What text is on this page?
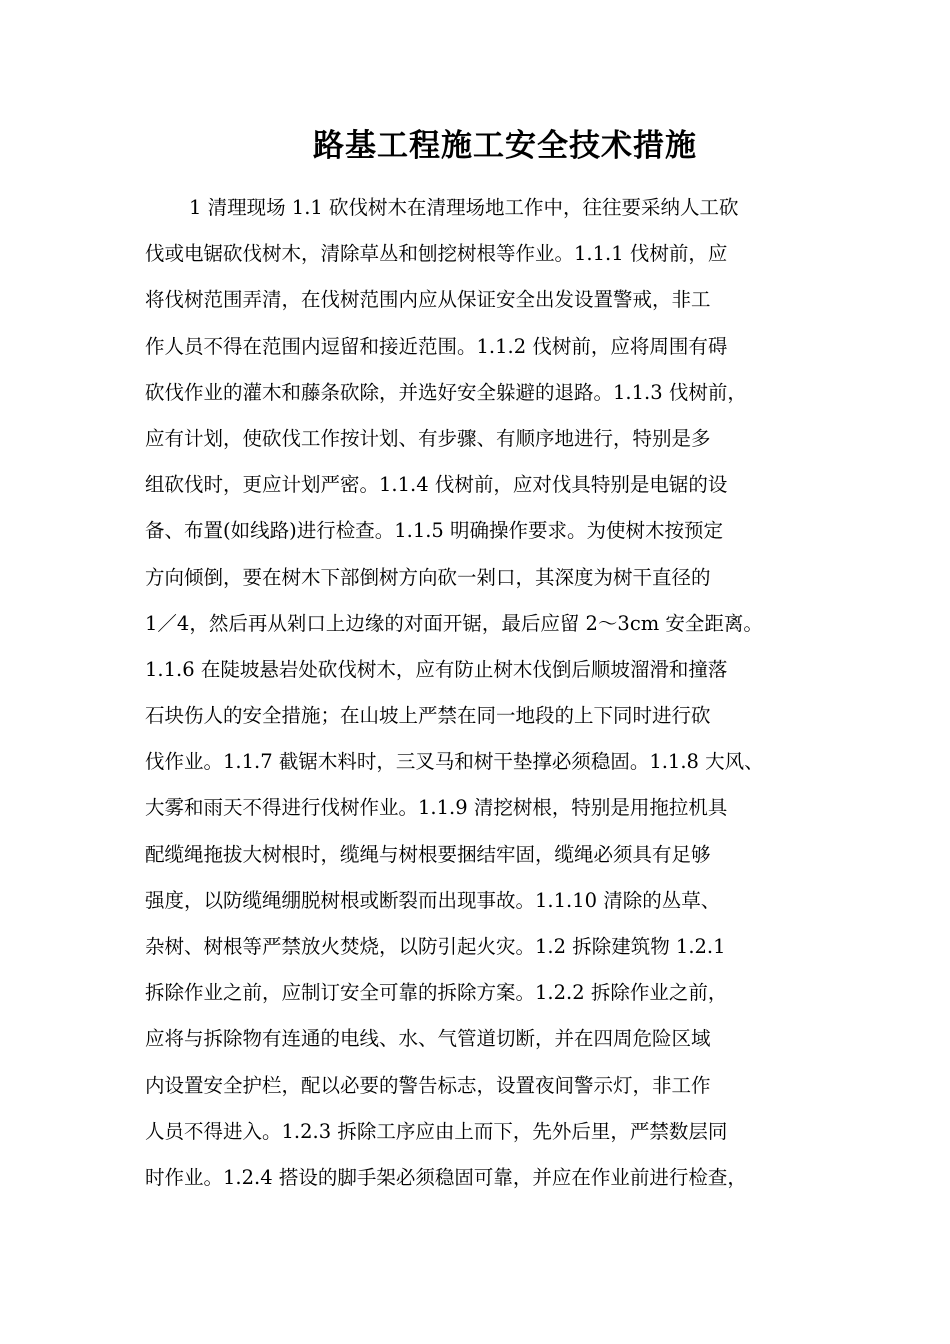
路基工程施工安全技术措施
1 清理现场 1.1 砍伐树木在清理场地工作中，往往要采纳人工砍
伐或电锯砍伐树木，清除草丛和刨挖树根等作业。1.1.1 伐树前，应
将伐树范围弄清，在伐树范围内应从保证安全出发设置警戒，非工
作人员不得在范围内逗留和接近范围。1.1.2 伐树前，应将周围有碍
砍伐作业的灌木和藤条砍除，并选好安全躲避的退路。1.1.3 伐树前，
应有计划，使砍伐工作按计划、有步骤、有顺序地进行，特别是多
组砍伐时，更应计划严密。1.1.4 伐树前，应对伐具特别是电锯的设
备、布置(如线路)进行检查。1.1.5 明确操作要求。为使树木按预定
方向倾倒，要在树木下部倒树方向砍一剁口，其深度为树干直径的
1／4，然后再从剁口上边缘的对面开锯，最后应留 2～3cm 安全距离。
1.1.6 在陡坡悬岩处砍伐树木，应有防止树木伐倒后顺坡溜滑和撞落
石块伤人的安全措施；在山坡上严禁在同一地段的上下同时进行砍
伐作业。1.1.7 截锯木料时，三叉马和树干垫撑必须稳固。1.1.8 大风、
大雾和雨天不得进行伐树作业。1.1.9 清挖树根，特别是用拖拉机具
配缆绳拖拔大树根时，缆绳与树根要捆结牢固，缆绳必须具有足够
强度，以防缆绳绷脱树根或断裂而出现事故。1.1.10 清除的丛草、
杂树、树根等严禁放火焚烧，以防引起火灾。1.2 拆除建筑物 1.2.1
拆除作业之前，应制订安全可靠的拆除方案。1.2.2 拆除作业之前，
应将与拆除物有连通的电线、水、气管道切断，并在四周危险区域
内设置安全护栏，配以必要的警告标志，设置夜间警示灯，非工作
人员不得进入。1.2.3 拆除工序应由上而下，先外后里，严禁数层同
时作业。1.2.4 搭设的脚手架必须稳固可靠，并应在作业前进行检查，
